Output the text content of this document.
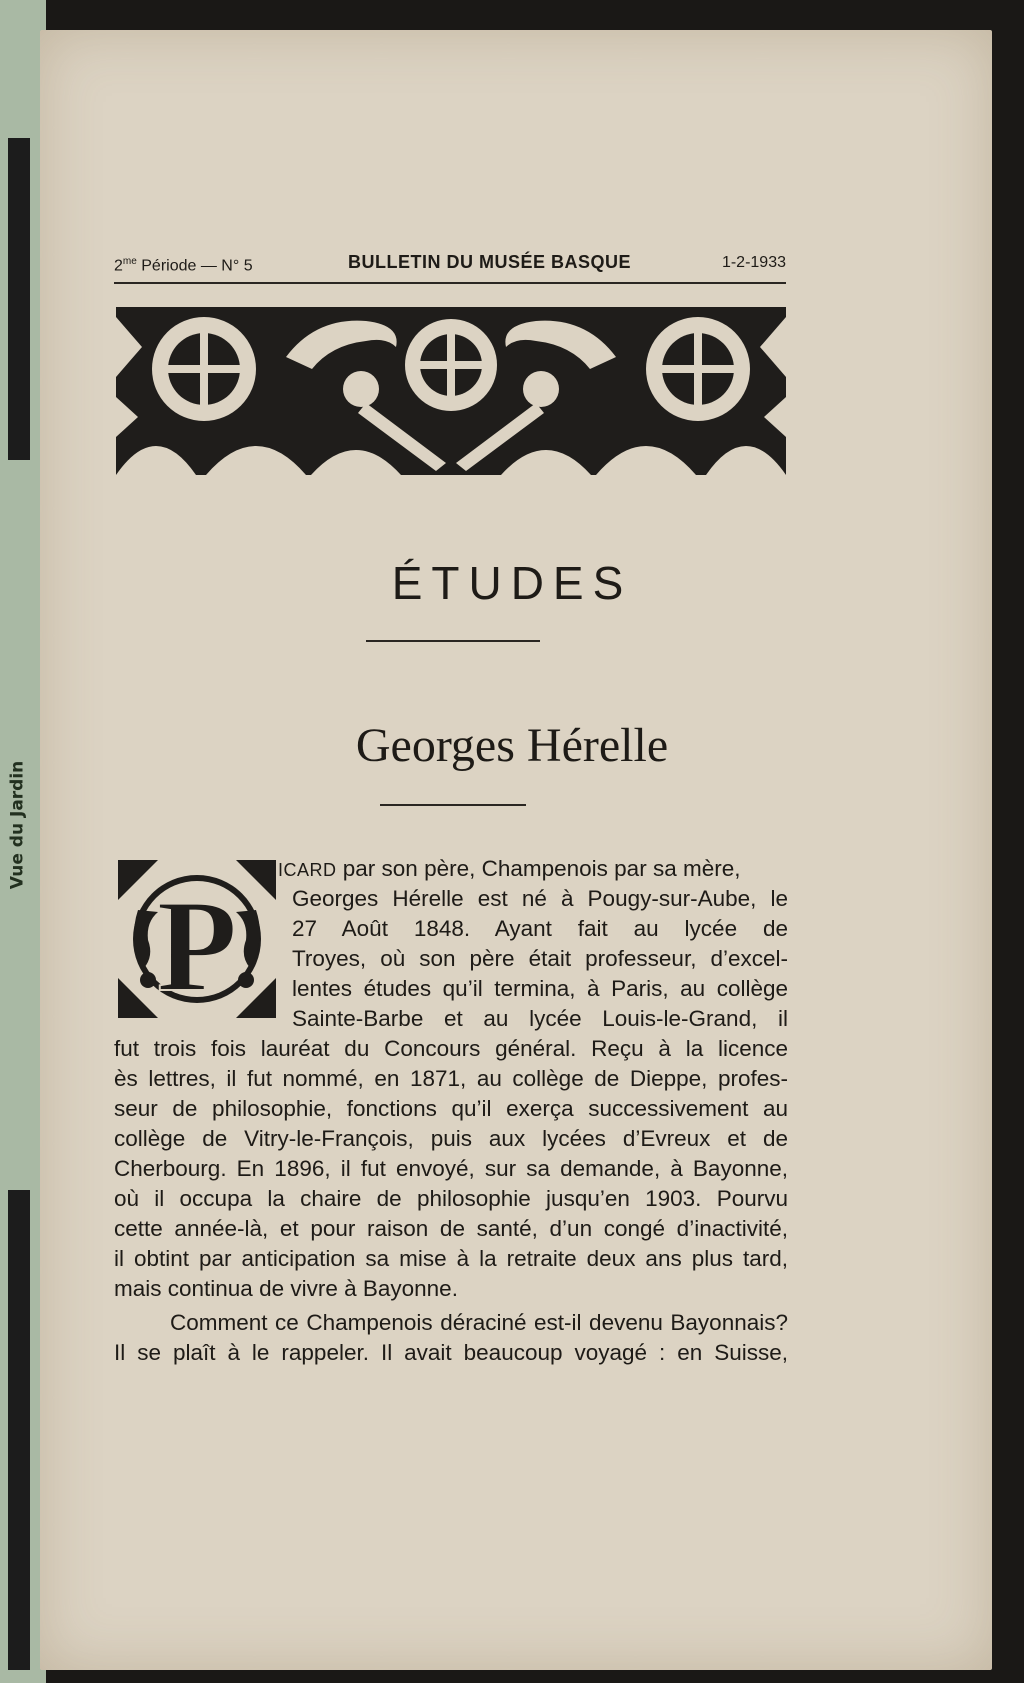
Vue du Jardin
$2^{me}$ Période — N° 5	BULLETIN DU MUSÉE BASQUE	1-2-1933
ÉTUDES
Georges Hérelle
P
ICARD par son père, Champenois par sa mère,
Georges Hérelle est né à Pougy-sur-Aube, le
27 Août 1848. Ayant fait au lycée de
Troyes, où son père était professeur, d’excel-
lentes études qu’il termina, à Paris, au collège
Sainte-Barbe et au lycée Louis-le-Grand, il
fut trois fois lauréat du Concours général. Reçu à la licence
ès lettres, il fut nommé, en 1871, au collège de Dieppe, profes-
seur de philosophie, fonctions qu’il exerça successivement au
collège de Vitry-le-François, puis aux lycées d’Evreux et de
Cherbourg. En 1896, il fut envoyé, sur sa demande, à Bayonne,
où il occupa la chaire de philosophie jusqu’en 1903. Pourvu
cette année-là, et pour raison de santé, d’un congé d’inactivité,
il obtint par anticipation sa mise à la retraite deux ans plus tard,
mais continua de vivre à Bayonne.
Comment ce Champenois déraciné est-il devenu Bayonnais?
Il se plaît à le rappeler. Il avait beaucoup voyagé : en Suisse,
